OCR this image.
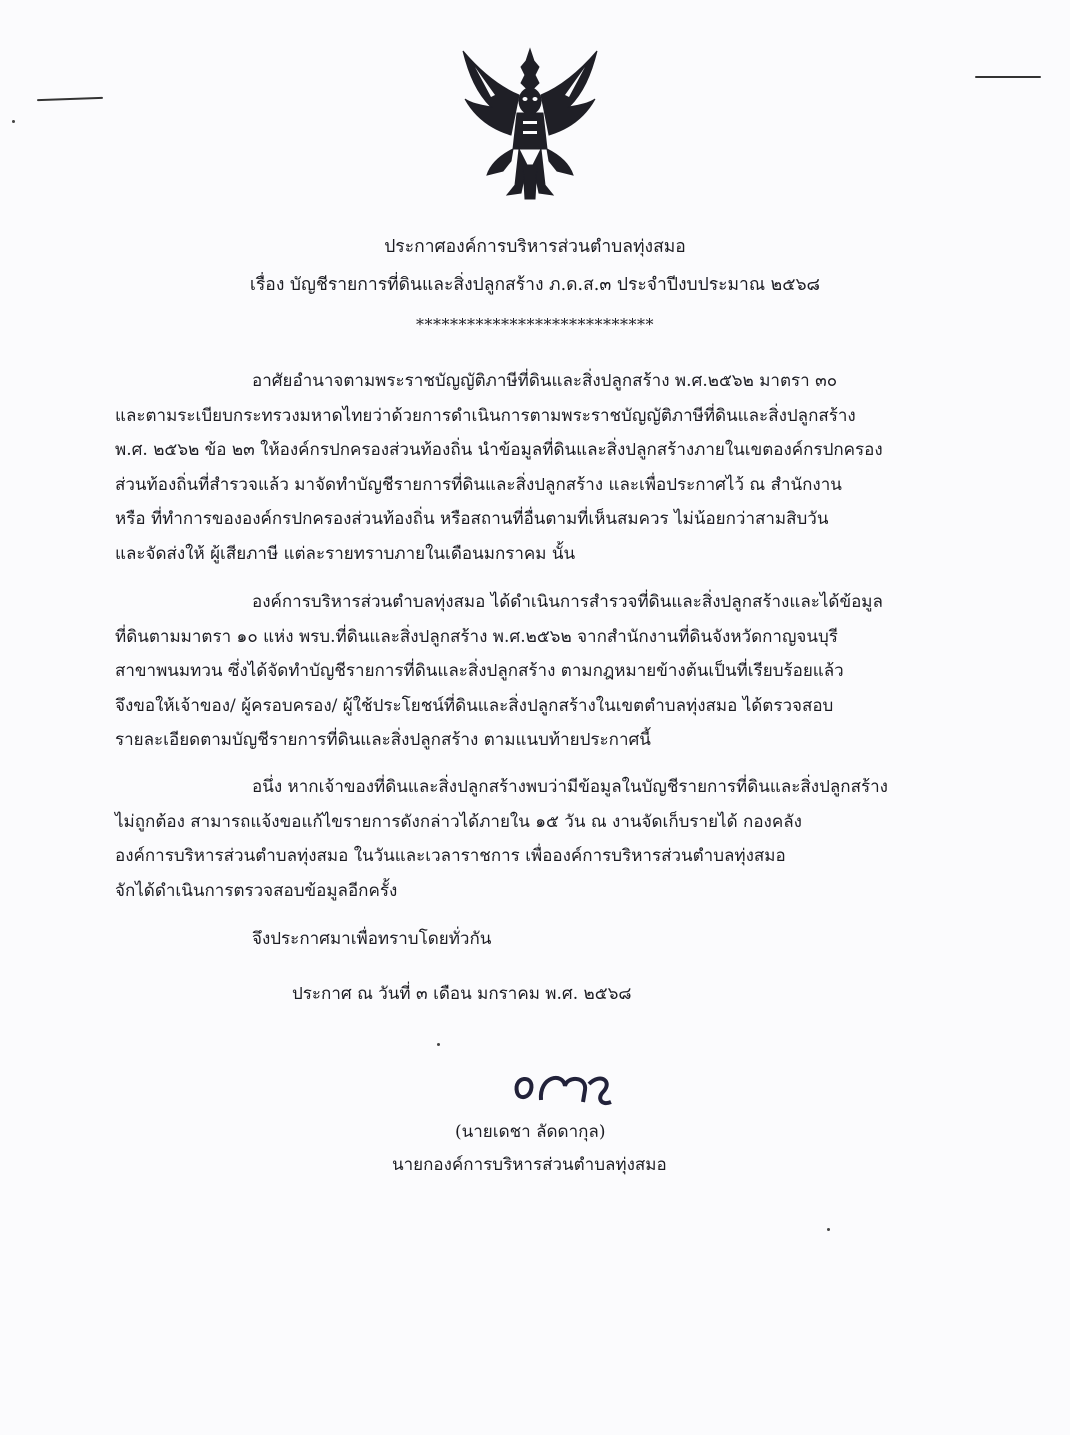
ประกาศองค์การบริหารส่วนตำบลทุ่งสมอ
เรื่อง บัญชีรายการที่ดินและสิ่งปลูกสร้าง ภ.ด.ส.๓ ประจำปีงบประมาณ ๒๕๖๘
****************************
อาศัยอำนาจตามพระราชบัญญัติภาษีที่ดินและสิ่งปลูกสร้าง พ.ศ.๒๕๖๒ มาตรา ๓๐
และตามระเบียบกระทรวงมหาดไทยว่าด้วยการดำเนินการตามพระราชบัญญัติภาษีที่ดินและสิ่งปลูกสร้าง
พ.ศ. ๒๕๖๒ ข้อ ๒๓ ให้องค์กรปกครองส่วนท้องถิ่น นำข้อมูลที่ดินและสิ่งปลูกสร้างภายในเขตองค์กรปกครอง
ส่วนท้องถิ่นที่สำรวจแล้ว มาจัดทำบัญชีรายการที่ดินและสิ่งปลูกสร้าง และเพื่อประกาศไว้ ณ สำนักงาน
หรือ ที่ทำการขององค์กรปกครองส่วนท้องถิ่น หรือสถานที่อื่นตามที่เห็นสมควร ไม่น้อยกว่าสามสิบวัน
และจัดส่งให้ ผู้เสียภาษี แต่ละรายทราบภายในเดือนมกราคม นั้น
องค์การบริหารส่วนตำบลทุ่งสมอ ได้ดำเนินการสำรวจที่ดินและสิ่งปลูกสร้างและได้ข้อมูล
ที่ดินตามมาตรา ๑๐ แห่ง พรบ.ที่ดินและสิ่งปลูกสร้าง พ.ศ.๒๕๖๒ จากสำนักงานที่ดินจังหวัดกาญจนบุรี
สาขาพนมทวน ซึ่งได้จัดทำบัญชีรายการที่ดินและสิ่งปลูกสร้าง ตามกฎหมายข้างต้นเป็นที่เรียบร้อยแล้ว
จึงขอให้เจ้าของ/ ผู้ครอบครอง/ ผู้ใช้ประโยชน์ที่ดินและสิ่งปลูกสร้างในเขตตำบลทุ่งสมอ ได้ตรวจสอบ
รายละเอียดตามบัญชีรายการที่ดินและสิ่งปลูกสร้าง ตามแนบท้ายประกาศนี้
อนึ่ง หากเจ้าของที่ดินและสิ่งปลูกสร้างพบว่ามีข้อมูลในบัญชีรายการที่ดินและสิ่งปลูกสร้าง
ไม่ถูกต้อง สามารถแจ้งขอแก้ไขรายการดังกล่าวได้ภายใน ๑๕ วัน ณ งานจัดเก็บรายได้ กองคลัง
องค์การบริหารส่วนตำบลทุ่งสมอ ในวันและเวลาราชการ เพื่อองค์การบริหารส่วนตำบลทุ่งสมอ
จักได้ดำเนินการตรวจสอบข้อมูลอีกครั้ง
จึงประกาศมาเพื่อทราบโดยทั่วกัน
ประกาศ ณ วันที่ ๓ เดือน มกราคม พ.ศ. ๒๕๖๘
(นายเดชา ลัดดากุล)
นายกองค์การบริหารส่วนตำบลทุ่งสมอ
